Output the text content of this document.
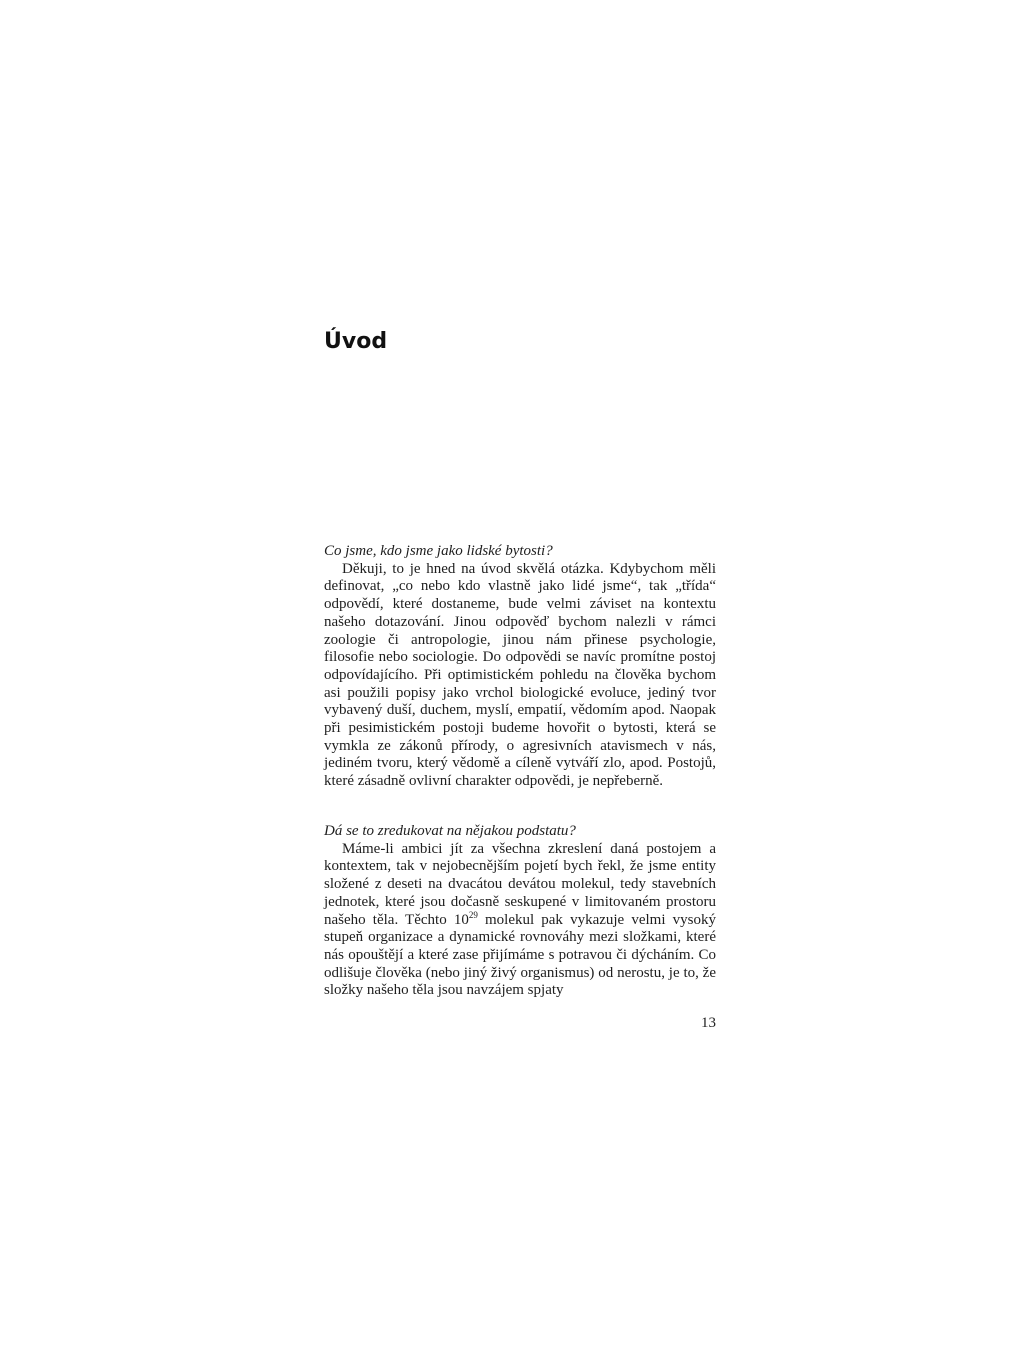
Úvod

Co jsme, kdo jsme jako lidské bytosti?

Děkuji, to je hned na úvod skvělá otázka. Kdybychom měli definovat, „co nebo kdo vlastně jako lidé jsme“, tak „třída“ odpovědí, které dostaneme, bude velmi záviset na kontextu našeho dotazování. Jinou odpověď bychom nalezli v rámci zoologie či antropologie, jinou nám přinese psychologie, filosofie nebo sociologie. Do odpovědi se navíc promítne postoj odpovídajícího. Při optimistickém pohledu na člověka bychom asi použili popisy jako vrchol biologické evoluce, jediný tvor vybavený duší, duchem, myslí, empatií, vědomím apod. Naopak při pesimistickém postoji budeme hovořit o bytosti, která se vymkla ze zákonů přírody, o agresivních atavismech v nás, jediném tvoru, který vědomě a cíleně vytváří zlo, apod. Postojů, které zásadně ovlivní charakter odpovědi, je nepřeberně.

Dá se to zredukovat na nějakou podstatu?

Máme-li ambici jít za všechna zkreslení daná postojem a kontextem, tak v nejobecnějším pojetí bych řekl, že jsme entity složené z deseti na dvacátou devátou molekul, tedy stavebních jednotek, které jsou dočasně seskupené v limitovaném prostoru našeho těla. Těchto $10^{29}$ molekul pak vykazuje velmi vysoký stupeň organizace a dynamické rovnováhy mezi složkami, které nás opouštějí a které zase přijímáme s potravou či dýcháním. Co odlišuje člověka (nebo jiný živý organismus) od nerostu, je to, že složky našeho těla jsou navzájem spjaty

13
